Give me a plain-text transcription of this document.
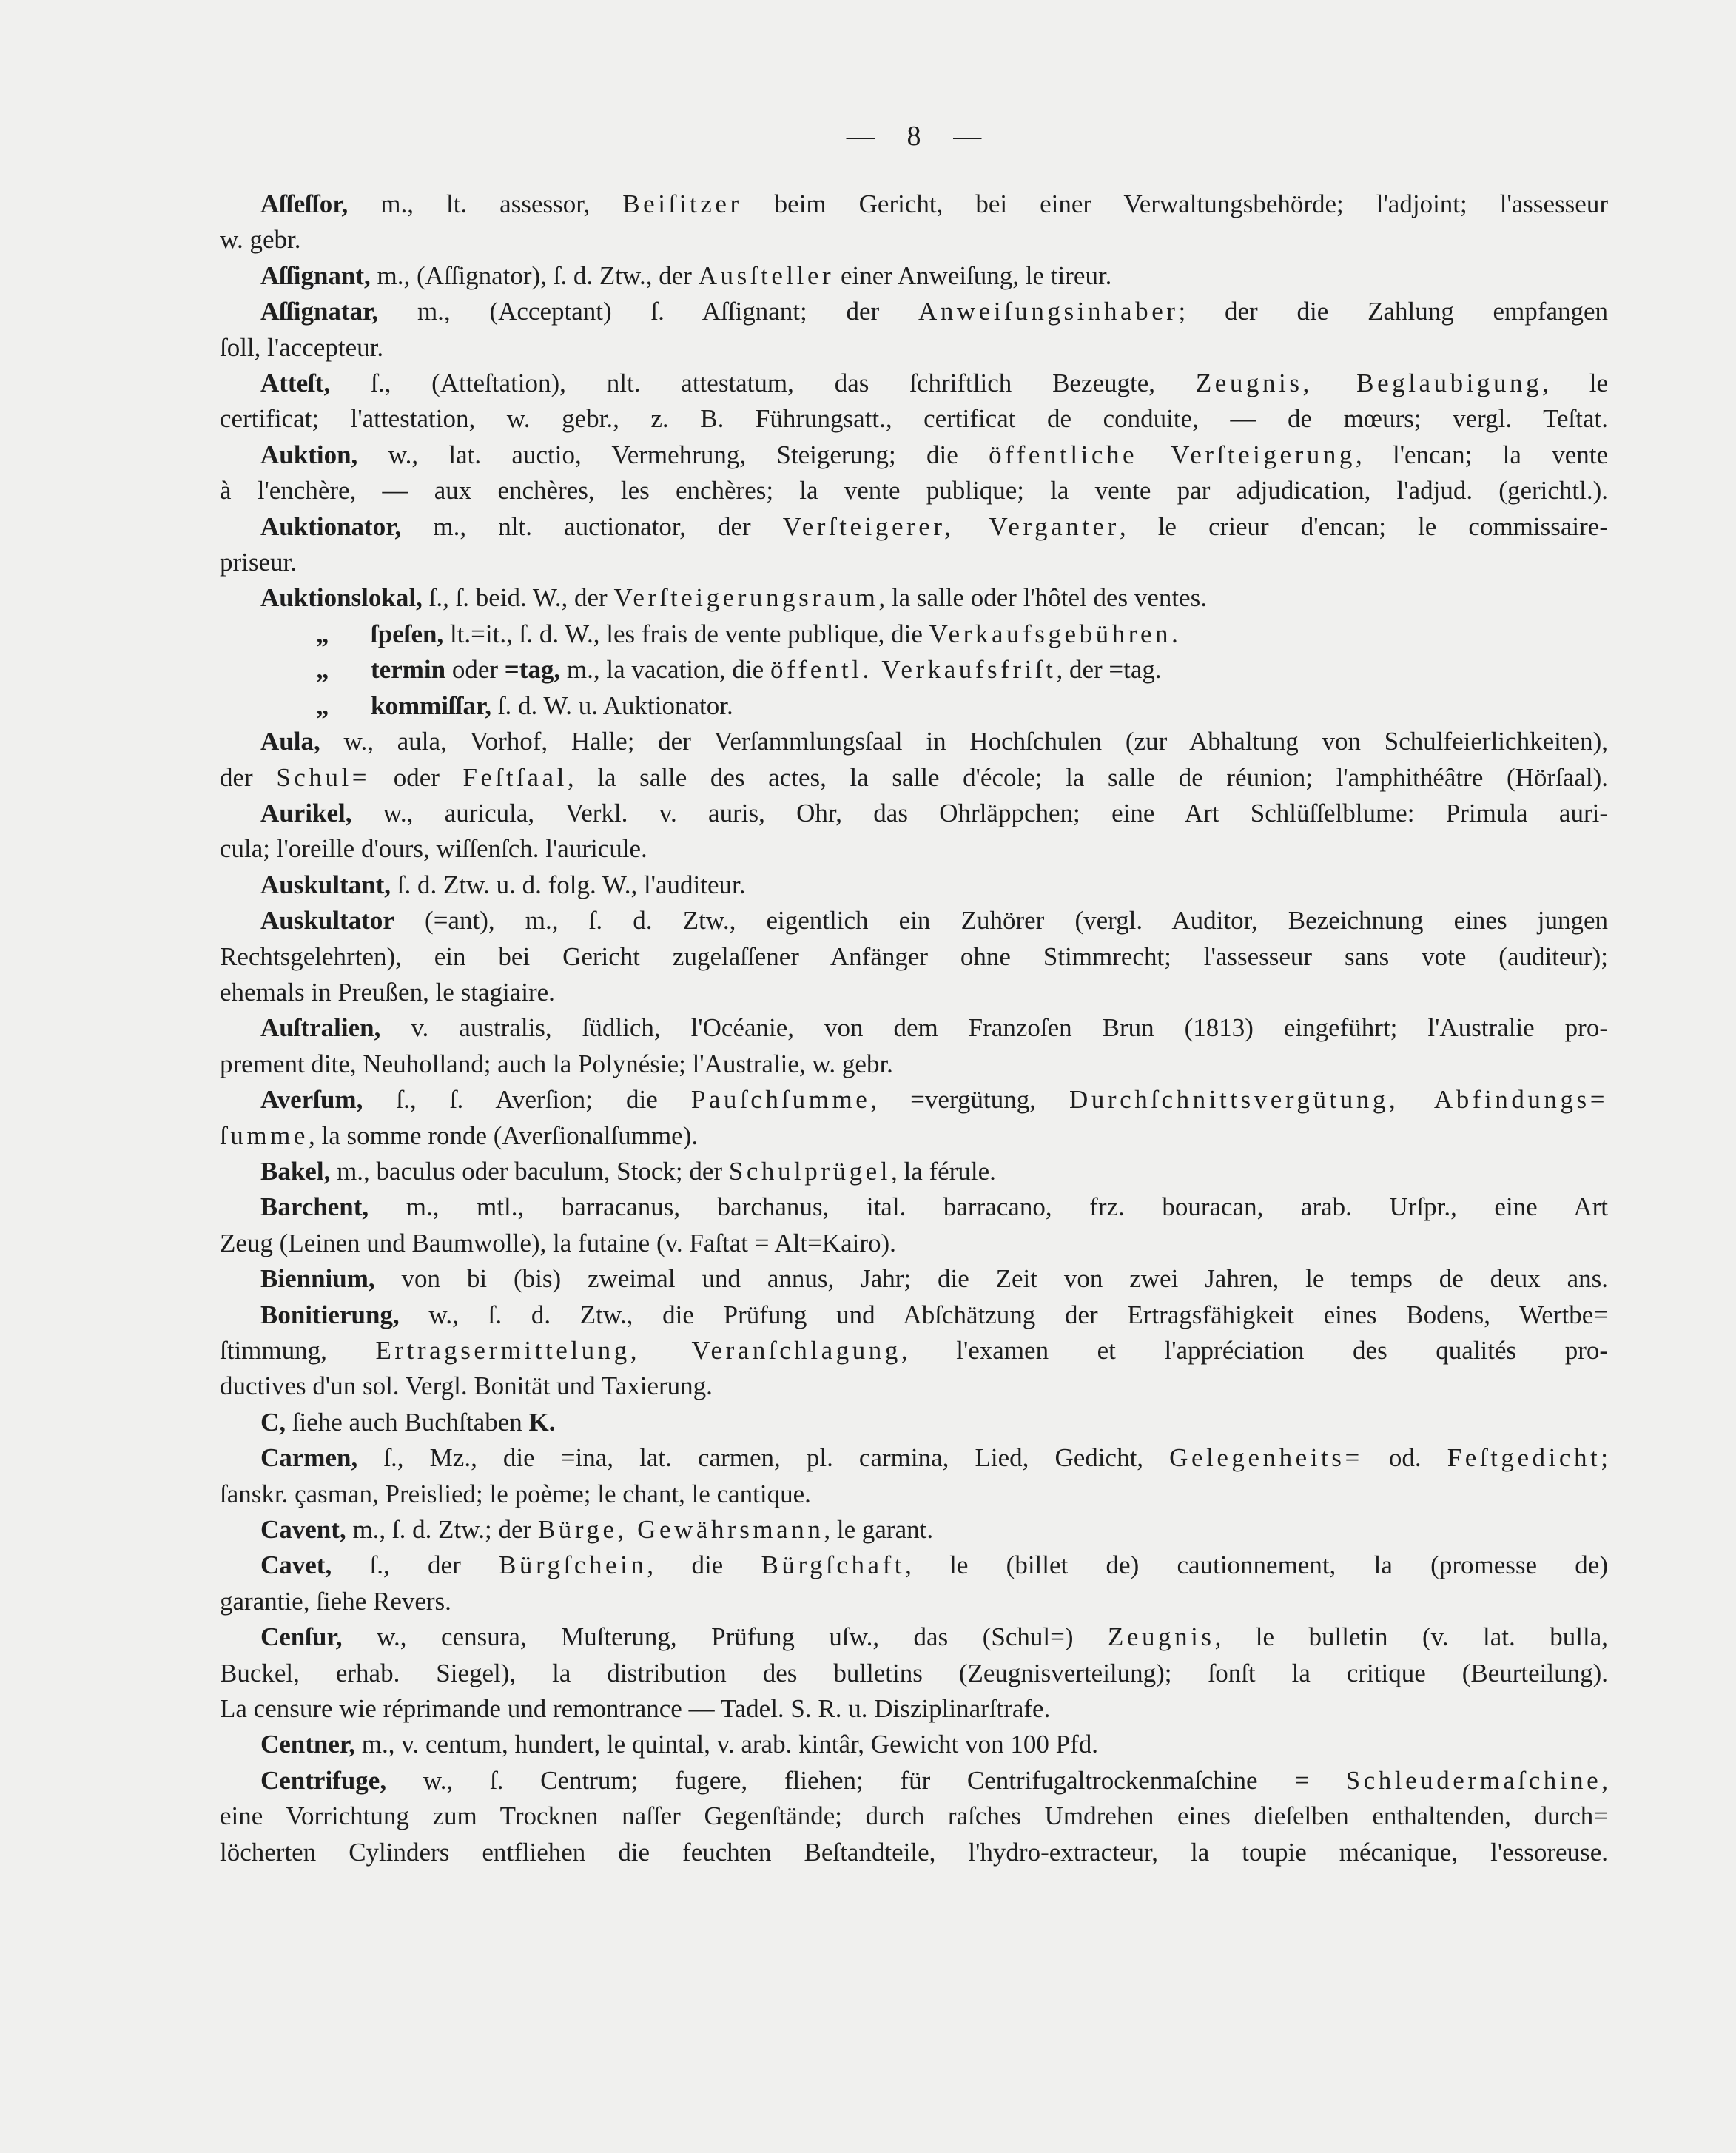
— 8 —
Aſſeſſor, m., lt. assessor, Beiſitzer beim Gericht, bei einer Verwaltungsbehörde; l'adjoint; l'assesseur
w. gebr.
Aſſignant, m., (Aſſignator), ſ. d. Ztw., der Ausſteller einer Anweiſung, le tireur.
Aſſignatar, m., (Acceptant) ſ. Aſſignant; der Anweiſungsinhaber; der die Zahlung empfangen
ſoll, l'accepteur.
Atteſt, ſ., (Atteſtation), nlt. attestatum, das ſchriftlich Bezeugte, Zeugnis, Beglaubigung, le
certificat; l'attestation, w. gebr., z. B. Führungsatt., certificat de conduite, — de mœurs; vergl. Teſtat.
Auktion, w., lat. auctio, Vermehrung, Steigerung; die öffentliche Verſteigerung, l'encan; la vente
à l'enchère, — aux enchères, les enchères; la vente publique; la vente par adjudication, l'adjud. (gerichtl.).
Auktionator, m., nlt. auctionator, der Verſteigerer, Verganter, le crieur d'encan; le commissaire-
priseur.
Auktionslokal, ſ., ſ. beid. W., der Verſteigerungsraum, la salle oder l'hôtel des ventes.
„ ſpeſen, lt.=it., ſ. d. W., les frais de vente publique, die Verkaufsgebühren.
„ termin oder =tag, m., la vacation, die öffentl. Verkaufsfriſt, der =tag.
„ kommiſſar, ſ. d. W. u. Auktionator.
Aula, w., aula, Vorhof, Halle; der Verſammlungsſaal in Hochſchulen (zur Abhaltung von Schulfeierlichkeiten),
der Schul= oder Feſtſaal, la salle des actes, la salle d'école; la salle de réunion; l'amphithéâtre (Hörſaal).
Aurikel, w., auricula, Verkl. v. auris, Ohr, das Ohrläppchen; eine Art Schlüſſelblume: Primula auri-
cula; l'oreille d'ours, wiſſenſch. l'auricule.
Auskultant, ſ. d. Ztw. u. d. folg. W., l'auditeur.
Auskultator (=ant), m., ſ. d. Ztw., eigentlich ein Zuhörer (vergl. Auditor, Bezeichnung eines jungen
Rechtsgelehrten), ein bei Gericht zugelaſſener Anfänger ohne Stimmrecht; l'assesseur sans vote (auditeur);
ehemals in Preußen, le stagiaire.
Auſtralien, v. australis, ſüdlich, l'Océanie, von dem Franzoſen Brun (1813) eingeführt; l'Australie pro-
prement dite, Neuholland; auch la Polynésie; l'Australie, w. gebr.
Averſum, ſ., ſ. Averſion; die Pauſchſumme, =vergütung, Durchſchnittsvergütung, Abfindungs=
ſumme, la somme ronde (Averſionalſumme).
Bakel, m., baculus oder baculum, Stock; der Schulprügel, la férule.
Barchent, m., mtl., barracanus, barchanus, ital. barracano, frz. bouracan, arab. Urſpr., eine Art
Zeug (Leinen und Baumwolle), la futaine (v. Faſtat = Alt=Kairo).
Biennium, von bi (bis) zweimal und annus, Jahr; die Zeit von zwei Jahren, le temps de deux ans.
Bonitierung, w., ſ. d. Ztw., die Prüfung und Abſchätzung der Ertragsfähigkeit eines Bodens, Wertbe=
ſtimmung, Ertragsermittelung, Veranſchlagung, l'examen et l'appréciation des qualités pro-
ductives d'un sol. Vergl. Bonität und Taxierung.
C, ſiehe auch Buchſtaben K.
Carmen, ſ., Mz., die =ina, lat. carmen, pl. carmina, Lied, Gedicht, Gelegenheits= od. Feſtgedicht;
ſanskr. çasman, Preislied; le poème; le chant, le cantique.
Cavent, m., ſ. d. Ztw.; der Bürge, Gewährsmann, le garant.
Cavet, ſ., der Bürgſchein, die Bürgſchaft, le (billet de) cautionnement, la (promesse de)
garantie, ſiehe Revers.
Cenſur, w., censura, Muſterung, Prüfung uſw., das (Schul=) Zeugnis, le bulletin (v. lat. bulla,
Buckel, erhab. Siegel), la distribution des bulletins (Zeugnisverteilung); ſonſt la critique (Beurteilung).
La censure wie réprimande und remontrance — Tadel. S. R. u. Disziplinarſtrafe.
Centner, m., v. centum, hundert, le quintal, v. arab. kintâr, Gewicht von 100 Pfd.
Centrifuge, w., ſ. Centrum; fugere, fliehen; für Centrifugaltrockenmaſchine = Schleudermaſchine,
eine Vorrichtung zum Trocknen naſſer Gegenſtände; durch raſches Umdrehen eines dieſelben enthaltenden, durch=
löcherten Cylinders entfliehen die feuchten Beſtandteile, l'hydro-extracteur, la toupie mécanique, l'essoreuse.
